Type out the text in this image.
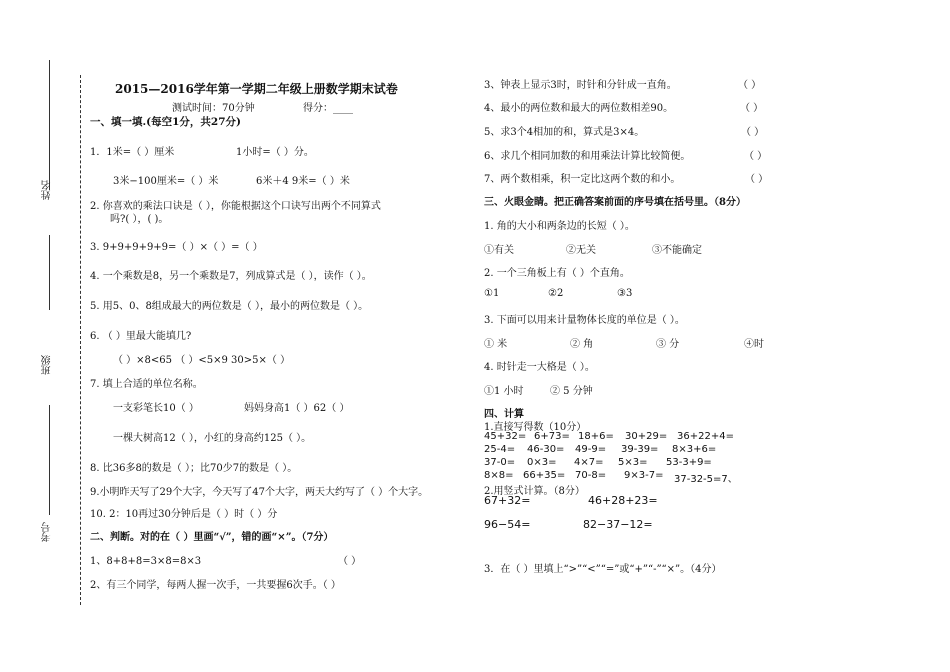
姓名
班级
考号
2015—2016学年第一学期二年级上册数学期末试卷
测试时间：70分钟	得分：____
一、填一填.(每空1分，共27分)
1．1米=（ ）厘米	1小时=（ ）分。
3米−100厘米=（ ）米	6米＋4 9米=（ ）米
2. 你喜欢的乘法口诀是（ ），你能根据这个口诀写出两个不同算式
吗?( ），( )。
3. 9+9+9+9+9=（ ）×（ ）=（ ）
4. 一个乘数是8，另一个乘数是7，列成算式是（ ），读作（ ）。
5. 用5、0、8组成最大的两位数是（ ），最小的两位数是（ ）。
6. （ ）里最大能填几?
（ ）×8<65 （ ）<5×9 30>5×（ ）
7. 填上合适的单位名称。
一支彩笔长10（ ）	妈妈身高1（ ）62（ ）
一棵大树高12（ ），小红的身高约125（ ）。
8. 比36多8的数是（ ）；比70少7的数是（ ）。
9.小明昨天写了29个大字，今天写了47个大字，两天大约写了（ ）个大字。
10. 2：10再过30分钟后是（ ）时（ ）分
二、判断。对的在（ ）里画“√”，错的画“×”。（7分）
1、8+8+8=3×8=8×3	（ ）
2、有三个同学，每两人握一次手，一共要握6次手。（ ）
3、钟表上显示3时，时针和分针成一直角。	（ ）
4、最小的两位数和最大的两位数相差90。	（ ）
5、求3个4相加的和，算式是3×4。	（ ）
6、求几个相同加数的和用乘法计算比较简便。	（ ）
7、两个数相乘，积一定比这两个数的和小。	（ ）
三、火眼金睛。把正确答案前面的序号填在括号里。（8分）
1. 角的大小和两条边的长短（ ）。
①有关	②无关	③不能确定
2. 一个三角板上有（ ）个直角。
①1	②2	③3
3. 下面可以用来计量物体长度的单位是（ ）。
① 米	② 角	③ 分	④时
4. 时针走一大格是（ ）。
①1 小时	② 5 分钟
四、计算
1.直接写得数（10分）
45+32= 6+73= 18+6= 30+29= 36+22+4=
25-4= 46-30= 49-9= 39-39= 8×3+6=
37-0= 0×3= 4×7= 5×3= 53-3+9=
8×8= 66+35= 70-8= 9×3-7= 37-32-5=7、
2.用竖式计算。（8分）
67+32=	46+28+23=
96−54=	82−37−12=
3．在（ ）里填上“>”“<”“=”或“+”“-”“×”。（4分）
